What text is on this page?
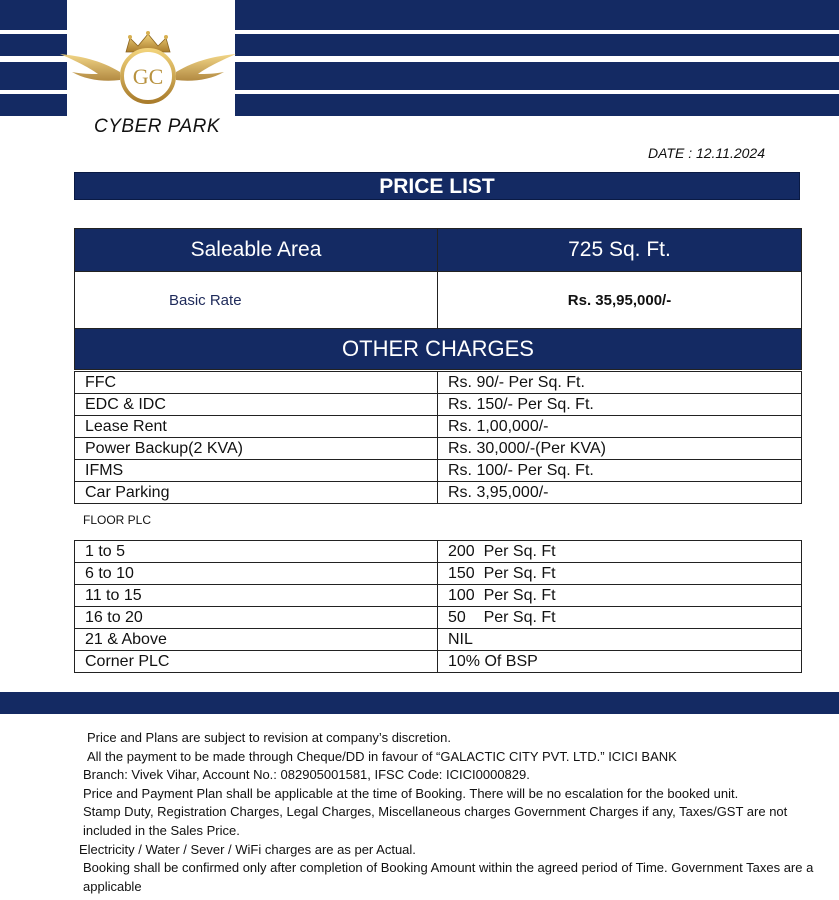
GC
CYBER PARK
DATE : 12.11.2024
PRICE LIST
Saleable Area	725 Sq. Ft.
Basic Rate	Rs. 35,95,000/-
OTHER CHARGES	
FFC	Rs. 90/- Per Sq. Ft.
EDC & IDC	Rs. 150/- Per Sq. Ft.
Lease Rent	Rs. 1,00,000/-
Power Backup(2 KVA)	Rs. 30,000/-(Per KVA)
IFMS	Rs. 100/- Per Sq. Ft.
Car Parking	Rs. 3,95,000/-
FLOOR PLC
1 to 5	200  Per Sq. Ft
6 to 10	150  Per Sq. Ft
11 to 15	100  Per Sq. Ft
16 to 20	50    Per Sq. Ft
21 & Above	NIL
Corner PLC	10% Of BSP

Price and Plans are subject to revision at company’s discretion.

All the payment to be made through Cheque/DD in favour of “GALACTIC CITY PVT. LTD.” ICICI BANK

Branch: Vivek Vihar, Account No.: 082905001581, IFSC Code: ICICI0000829.

Price and Payment Plan shall be applicable at the time of Booking. There will be no escalation for the booked unit.

Stamp Duty, Registration Charges, Legal Charges, Miscellaneous charges Government Charges if any, Taxes/GST are not

included in the Sales Price.

Electricity / Water / Sever / WiFi charges are as per Actual.

Booking shall be confirmed only after completion of Booking Amount within the agreed period of Time. Government Taxes are a

applicable
